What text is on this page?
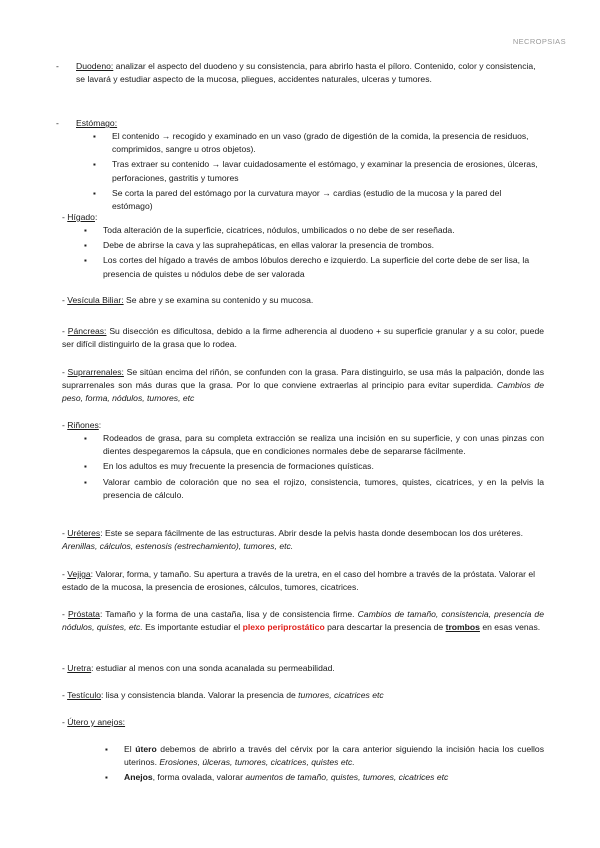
NECROPSIAS
- Duodeno: analizar el aspecto del duodeno y su consistencia, para abrirlo hasta el píloro. Contenido, color y consistencia, se lavará y estudiar aspecto de la mucosa, pliegues, accidentes naturales, ulceras y tumores.
- Estómago:
▪ El contenido → recogido y examinado en un vaso (grado de digestión de la comida, la presencia de residuos, comprimidos, sangre u otros objetos).
▪ Tras extraer su contenido → lavar cuidadosamente el estómago, y examinar la presencia de erosiones, úlceras, perforaciones, gastritis y tumores
▪ Se corta la pared del estómago por la curvatura mayor → cardias (estudio de la mucosa y la pared del estómago)
- Hígado:
▪ Toda alteración de la superficie, cicatrices, nódulos, umbilicados o no debe de ser reseñada.
▪ Debe de abrirse la cava y las suprahepáticas, en ellas valorar la presencia de trombos.
▪ Los cortes del hígado a través de ambos lóbulos derecho e izquierdo. La superficie del corte debe de ser lisa, la presencia de quistes u nódulos debe de ser valorada
- Vesícula Biliar: Se abre y se examina su contenido y su mucosa.
- Páncreas: Su disección es dificultosa, debido a la firme adherencia al duodeno + su superficie granular y a su color, puede ser difícil distinguirlo de la grasa que lo rodea.
- Suprarrenales: Se sitúan encima del riñón, se confunden con la grasa. Para distinguirlo, se usa más la palpación, donde las suprarrenales son más duras que la grasa. Por lo que conviene extraerlas al principio para evitar superdida. Cambios de peso, forma, nódulos, tumores, etc
- Riñones:
▪ Rodeados de grasa, para su completa extracción se realiza una incisión en su superficie, y con unas pinzas con dientes despegaremos la cápsula, que en condiciones normales debe de separarse fácilmente.
▪ En los adultos es muy frecuente la presencia de formaciones quísticas.
▪ Valorar cambio de coloración que no sea el rojizo, consistencia, tumores, quistes, cicatrices, y en la pelvis la presencia de cálculo.
- Uréteres: Este se separa fácilmente de las estructuras. Abrir desde la pelvis hasta donde desembocan los dos uréteres. Arenillas, cálculos, estenosis (estrechamiento), tumores, etc.
- Vejiga: Valorar, forma, y tamaño. Su apertura a través de la uretra, en el caso del hombre a través de la próstata. Valorar el estado de la mucosa, la presencia de erosiones, cálculos, tumores, cicatrices.
- Próstata: Tamaño y la forma de una castaña, lisa y de consistencia firme. Cambios de tamaño, consistencia, presencia de nódulos, quistes, etc. Es importante estudiar el plexo periprostático para descartar la presencia de trombos en esas venas.
- Uretra: estudiar al menos con una sonda acanalada su permeabilidad.
- Testículo: lisa y consistencia blanda. Valorar la presencia de tumores, cicatrices etc
- Útero y anejos:
▪ El útero debemos de abrirlo a través del cérvix por la cara anterior siguiendo la incisión hacia los cuellos uterinos. Erosiones, úlceras, tumores, cicatrices, quistes etc.
▪ Anejos, forma ovalada, valorar aumentos de tamaño, quistes, tumores, cicatrices etc
